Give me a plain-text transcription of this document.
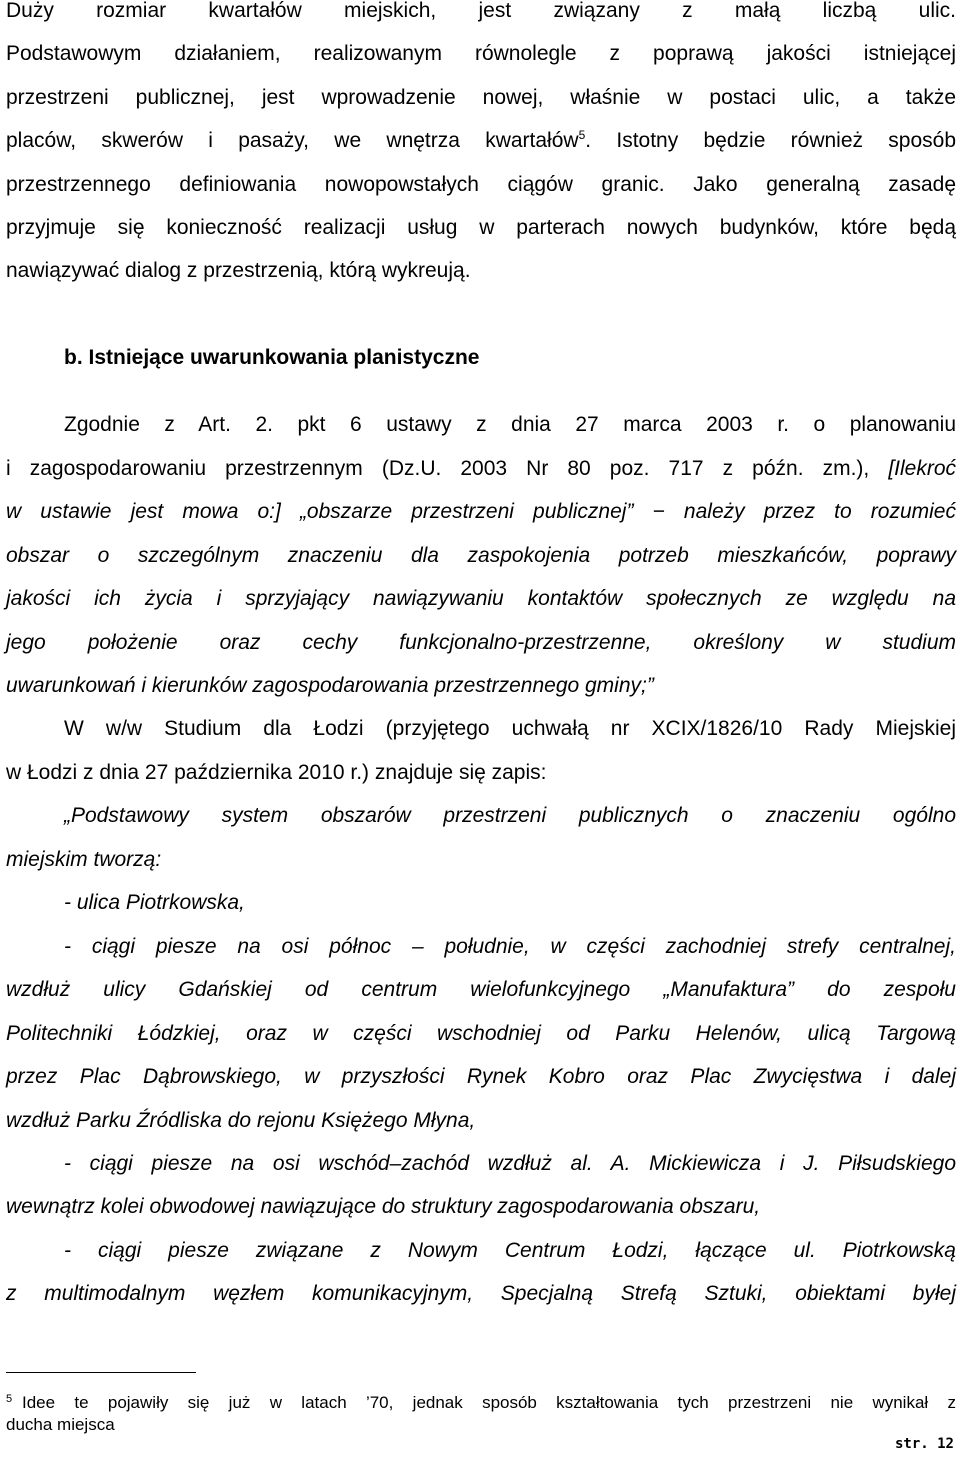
Duży rozmiar kwartałów miejskich, jest związany z małą liczbą ulic.
Podstawowym działaniem, realizowanym równolegle z poprawą jakości istniejącej
przestrzeni publicznej, jest wprowadzenie nowej, właśnie w postaci ulic, a także
placów, skwerów i pasaży, we wnętrza kwartałów$^5$. Istotny będzie również sposób
przestrzennego definiowania nowopowstałych ciągów granic. Jako generalną zasadę
przyjmuje się konieczność realizacji usług w parterach nowych budynków, które będą
nawiązywać dialog z przestrzenią, którą wykreują.
b. Istniejące uwarunkowania planistyczne
Zgodnie z Art. 2. pkt 6 ustawy z dnia 27 marca 2003 r. o planowaniu
i zagospodarowaniu przestrzennym (Dz.U. 2003 Nr 80 poz. 717 z późn. zm.), [Ilekroć
w ustawie jest mowa o:] „obszarze przestrzeni publicznej” − należy przez to rozumieć
obszar o szczególnym znaczeniu dla zaspokojenia potrzeb mieszkańców, poprawy
jakości ich życia i sprzyjający nawiązywaniu kontaktów społecznych ze względu na
jego położenie oraz cechy funkcjonalno-przestrzenne, określony w studium
uwarunkowań i kierunków zagospodarowania przestrzennego gminy;”
W w/w Studium dla Łodzi (przyjętego uchwałą nr XCIX/1826/10 Rady Miejskiej
w Łodzi z dnia 27 października 2010 r.) znajduje się zapis:
„Podstawowy system obszarów przestrzeni publicznych o znaczeniu ogólno
miejskim tworzą:
- ulica Piotrkowska,
- ciągi piesze na osi północ – południe, w części zachodniej strefy centralnej,
wzdłuż ulicy Gdańskiej od centrum wielofunkcyjnego „Manufaktura” do zespołu
Politechniki Łódzkiej, oraz w części wschodniej od Parku Helenów, ulicą Targową
przez Plac Dąbrowskiego, w przyszłości Rynek Kobro oraz Plac Zwycięstwa i dalej
wzdłuż Parku Źródliska do rejonu Księżego Młyna,
- ciągi piesze na osi wschód–zachód wzdłuż al. A. Mickiewicza i J. Piłsudskiego
wewnątrz kolei obwodowej nawiązujące do struktury zagospodarowania obszaru,
- ciągi piesze związane z Nowym Centrum Łodzi, łączące ul. Piotrkowską
z multimodalnym węzłem komunikacyjnym, Specjalną Strefą Sztuki, obiektami byłej
5 Idee te pojawiły się już w latach ’70, jednak sposób kształtowania tych przestrzeni nie wynikał z
ducha miejsca
str. 12
